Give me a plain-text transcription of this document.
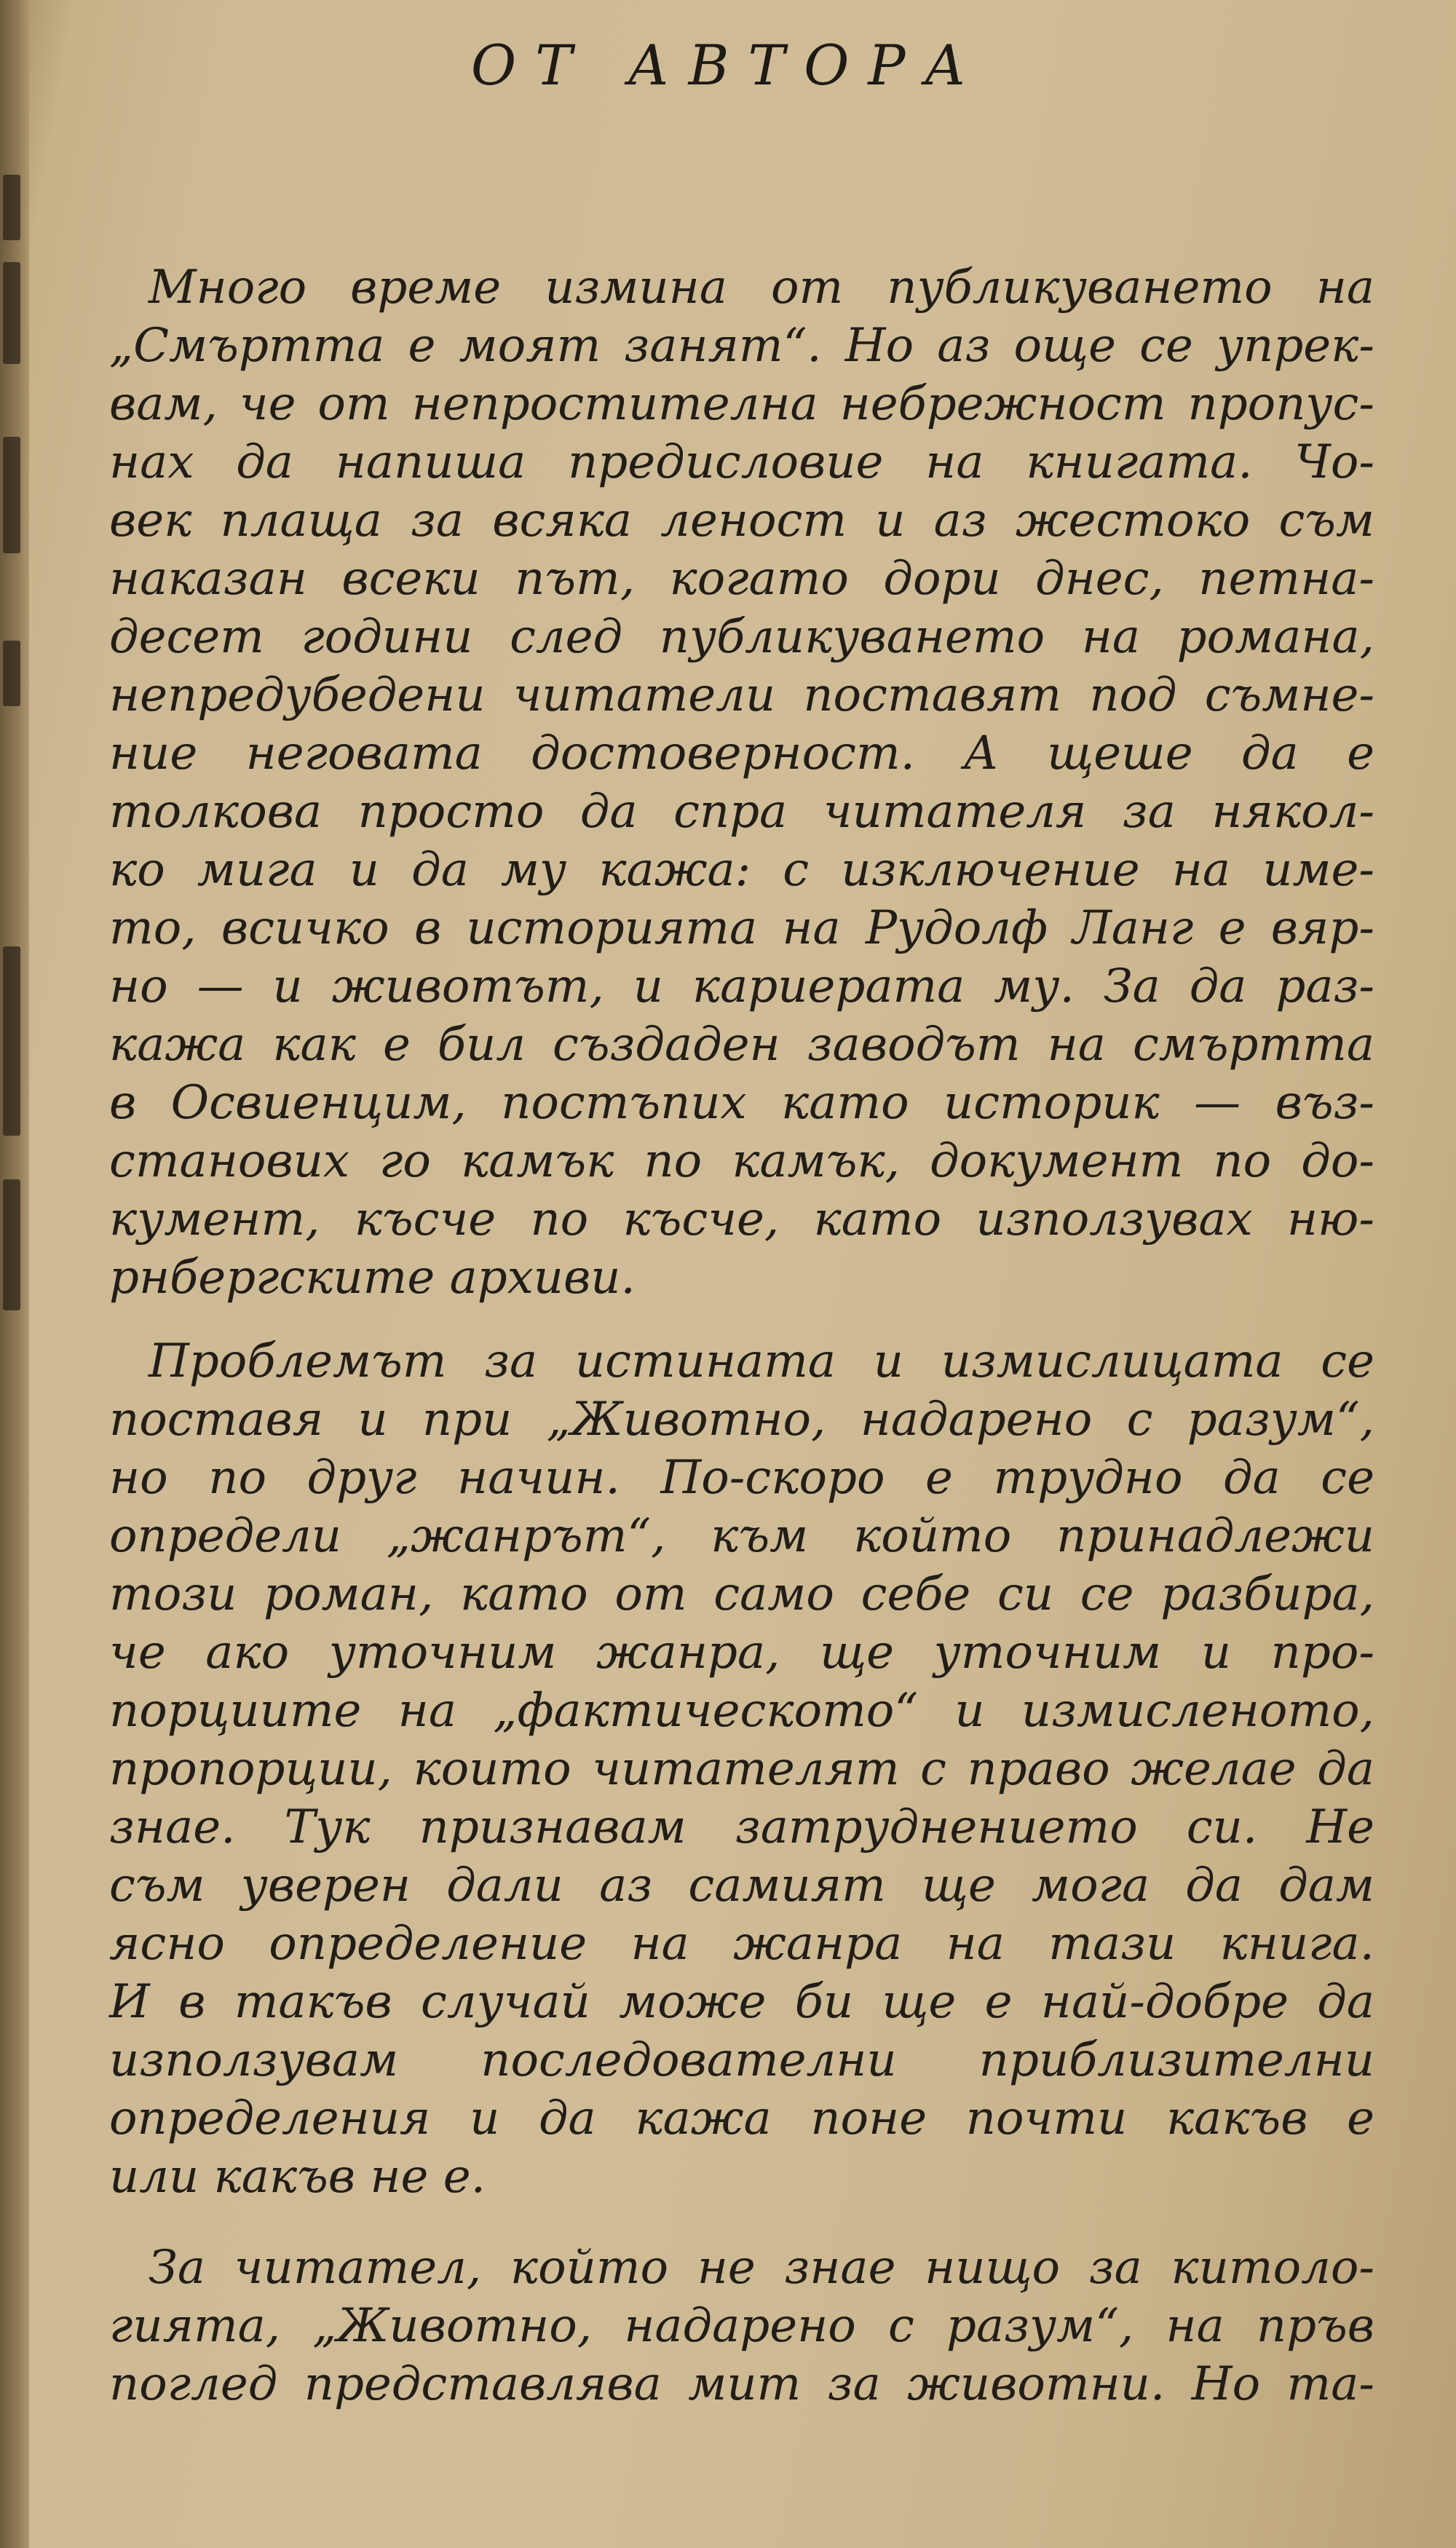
ОТ АВТОРА
Много време измина от публикуването на
„Смъртта е моят занят“. Но аз още се упрек-
вам, че от непростителна небрежност пропус-
нах да напиша предисловие на книгата. Чо-
век плаща за всяка леност и аз жестоко съм
наказан всеки път, когато дори днес, петна-
десет години след публикуването на романа,
непредубедени читатели поставят под съмне-
ние неговата достоверност. А щеше да е
толкова просто да спра читателя за някол-
ко мига и да му кажа: с изключение на име-
то, всичко в историята на Рудолф Ланг е вяр-
но — и животът, и кариерата му. За да раз-
кажа как е бил създаден заводът на смъртта
в Освиенцим, постъпих като историк — въз-
станових го камък по камък, документ по до-
кумент, късче по късче, като използувах ню-
рнбергските архиви.
Проблемът за истината и измислицата се
поставя и при „Животно, надарено с разум“,
но по друг начин. По-скоро е трудно да се
определи „жанрът“, към който принадлежи
този роман, като от само себе си се разбира,
че ако уточним жанра, ще уточним и про-
порциите на „фактическото“ и измисленото,
пропорции, които читателят с право желае да
знае. Тук признавам затруднението си. Не
съм уверен дали аз самият ще мога да дам
ясно определение на жанра на тази книга.
И в такъв случай може би ще е най-добре да
използувам последователни приблизителни
определения и да кажа поне почти какъв е
или какъв не е.
За читател, който не знае нищо за китоло-
гията, „Животно, надарено с разум“, на пръв
поглед представлява мит за животни. Но та-
